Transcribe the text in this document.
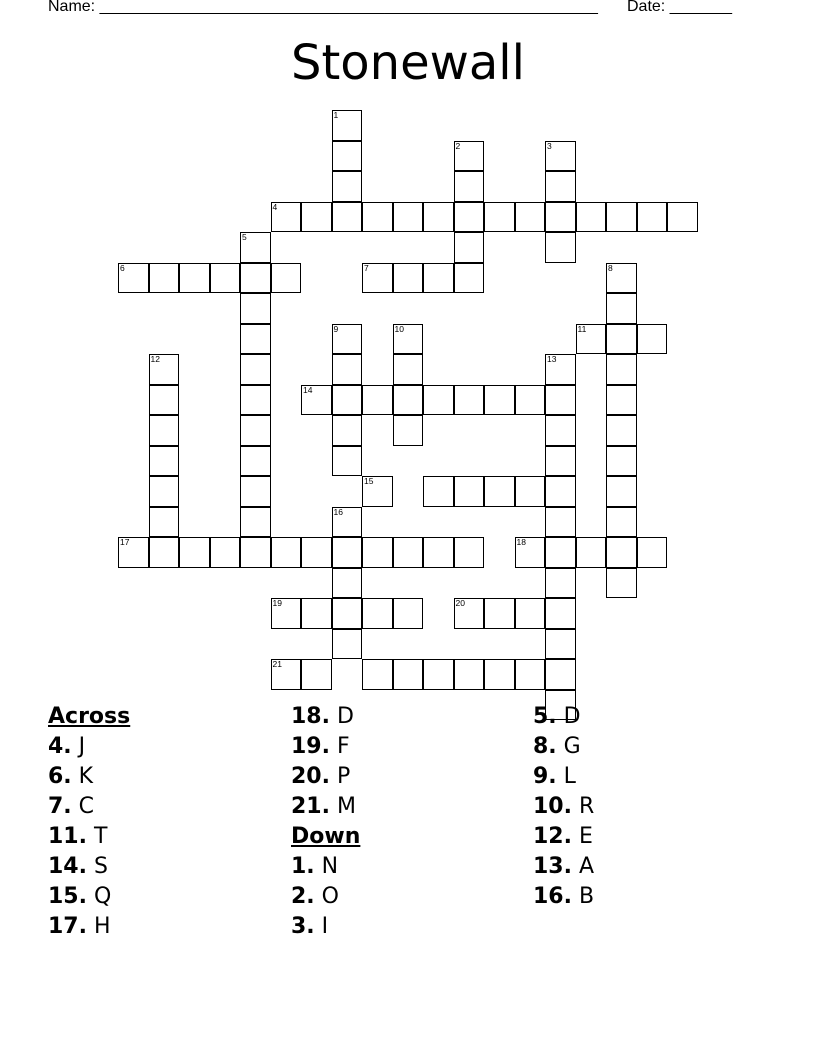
Name: ________________________________________________________ Date: _______
Stonewall
1
2	3
4
5
6	7	8
11
9	10
12	13
14
15
16
17	18
19	20
21
Across
4. J
6. K
7. C
11. T
14. S
15. Q
17. H
18. D
19. F
20. P
21. M
Down
1. N
2. O
3. I
5. D
8. G
9. L
10. R
12. E
13. A
16. B
